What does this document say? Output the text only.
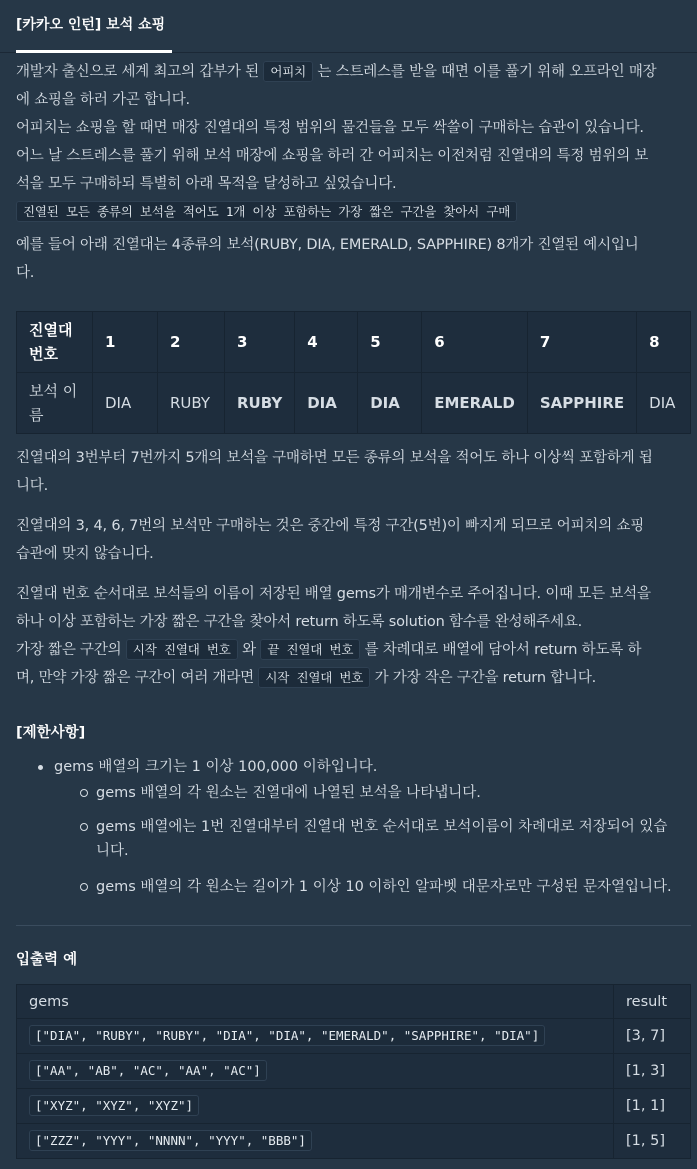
[카카오 인턴] 보석 쇼핑

개발자 출신으로 세계 최고의 갑부가 된 어피치 는 스트레스를 받을 때면 이를 풀기 위해 오프라인 매장

에 쇼핑을 하러 가곤 합니다.

어피치는 쇼핑을 할 때면 매장 진열대의 특정 범위의 물건들을 모두 싹쓸이 구매하는 습관이 있습니다.

어느 날 스트레스를 풀기 위해 보석 매장에 쇼핑을 하러 간 어피치는 이전처럼 진열대의 특정 범위의 보

석을 모두 구매하되 특별히 아래 목적을 달성하고 싶었습니다.

진열된 모든 종류의 보석을 적어도 1개 이상 포함하는 가장 짧은 구간을 찾아서 구매

예를 들어 아래 진열대는 4종류의 보석(RUBY, DIA, EMERALD, SAPPHIRE) 8개가 진열된 예시입니

다.

진열대
번호	1	2	3	4	5	6	7	8
보석 이
름	DIA	RUBY	RUBY	DIA	DIA	EMERALD	SAPPHIRE	DIA

진열대의 3번부터 7번까지 5개의 보석을 구매하면 모든 종류의 보석을 적어도 하나 이상씩 포함하게 됩

니다.

진열대의 3, 4, 6, 7번의 보석만 구매하는 것은 중간에 특정 구간(5번)이 빠지게 되므로 어피치의 쇼핑

습관에 맞지 않습니다.

진열대 번호 순서대로 보석들의 이름이 저장된 배열 gems가 매개변수로 주어집니다. 이때 모든 보석을

하나 이상 포함하는 가장 짧은 구간을 찾아서 return 하도록 solution 함수를 완성해주세요.

가장 짧은 구간의 시작 진열대 번호 와 끝 진열대 번호 를 차례대로 배열에 담아서 return 하도록 하

며, 만약 가장 짧은 구간이 여러 개라면 시작 진열대 번호 가 가장 작은 구간을 return 합니다.

[제한사항]
gems 배열의 크기는 1 이상 100,000 이하입니다.
gems 배열의 각 원소는 진열대에 나열된 보석을 나타냅니다.
gems 배열에는 1번 진열대부터 진열대 번호 순서대로 보석이름이 차례대로 저장되어 있습
니다.
gems 배열의 각 원소는 길이가 1 이상 10 이하인 알파벳 대문자로만 구성된 문자열입니다.
입출력 예
gems	result
["DIA", "RUBY", "RUBY", "DIA", "DIA", "EMERALD", "SAPPHIRE", "DIA"]	[3, 7]
["AA", "AB", "AC", "AA", "AC"]	[1, 3]
["XYZ", "XYZ", "XYZ"]	[1, 1]
["ZZZ", "YYY", "NNNN", "YYY", "BBB"]	[1, 5]
